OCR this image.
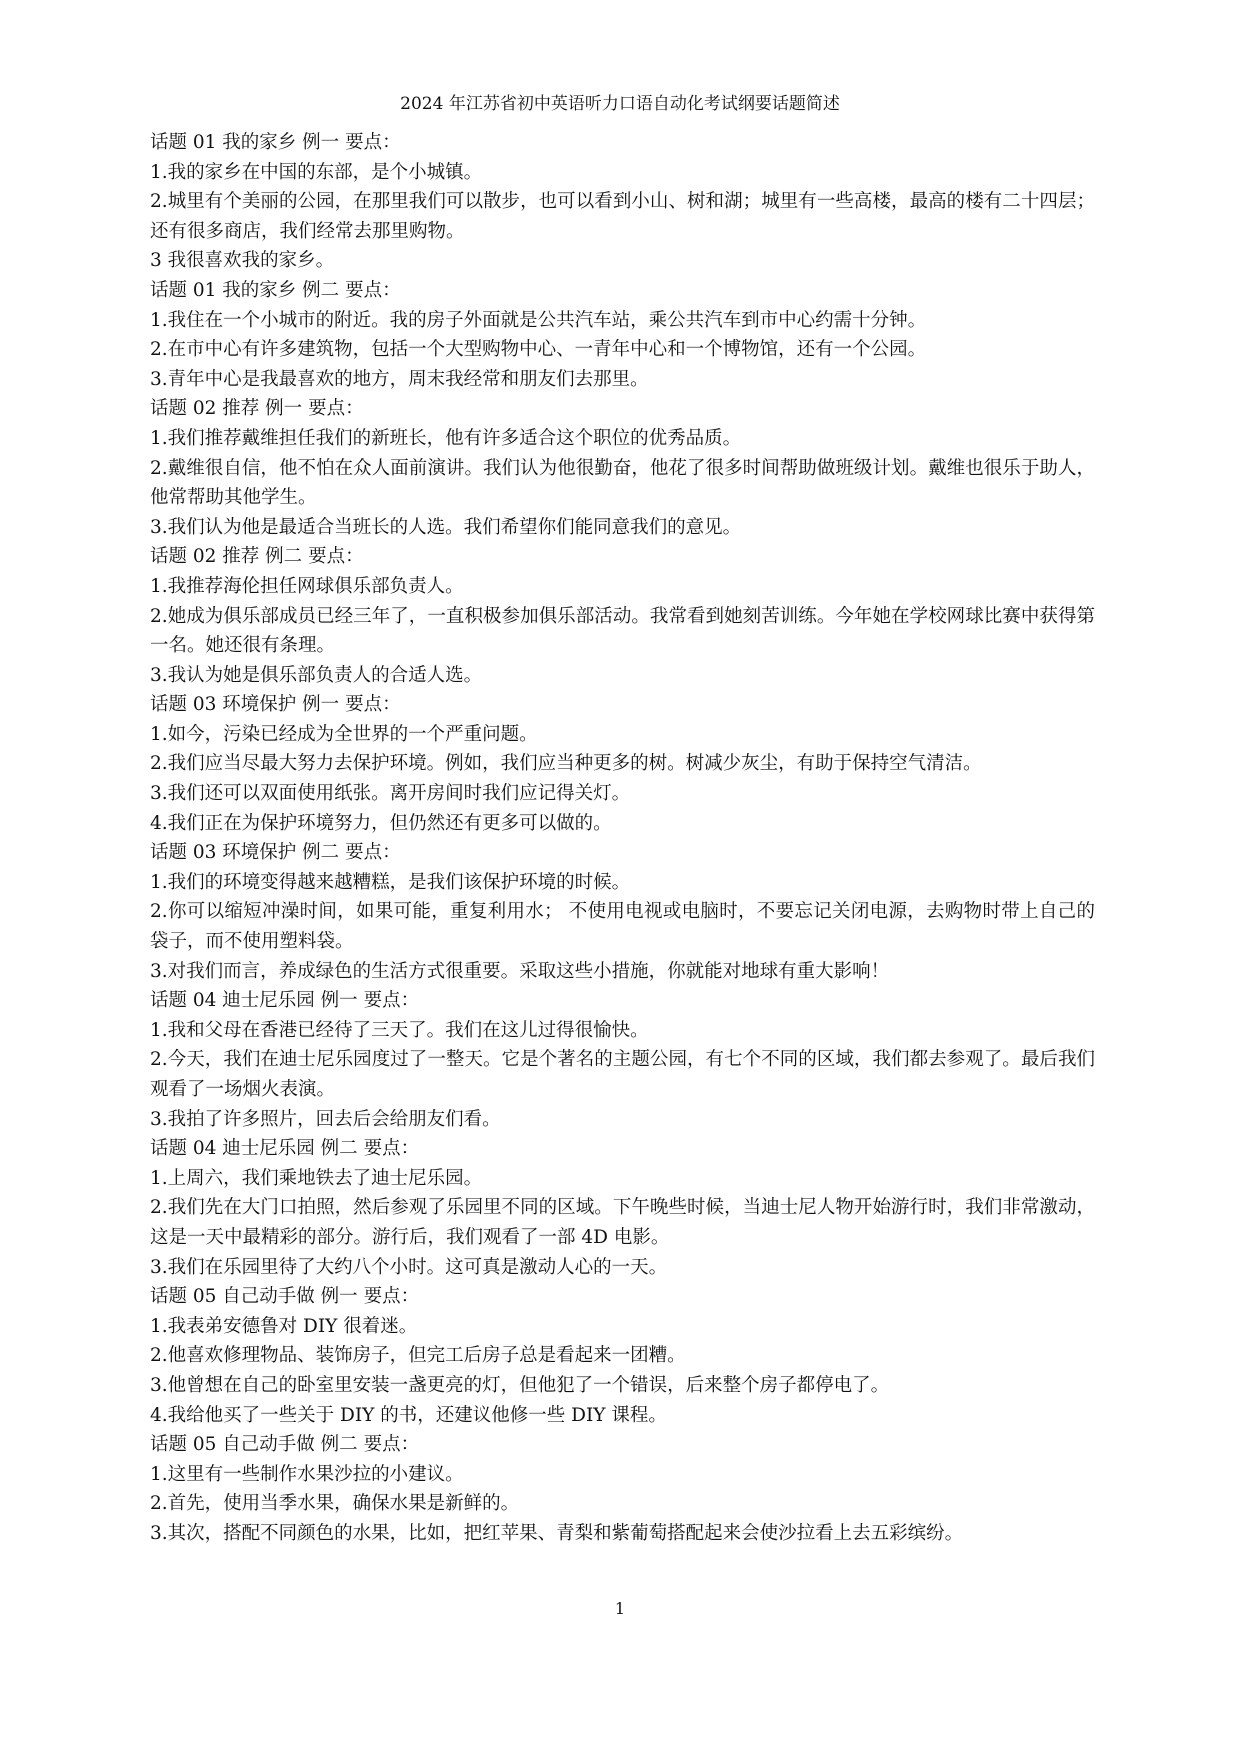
2024 年江苏省初中英语听力口语自动化考试纲要话题简述

话题 01 我的家乡 例一 要点：

1.我的家乡在中国的东部，是个小城镇。

2.城里有个美丽的公园，在那里我们可以散步，也可以看到小山、树和湖；城里有一些高楼，最高的楼有二十四层；还有很多商店，我们经常去那里购物。

3 我很喜欢我的家乡。

话题 01 我的家乡 例二 要点：

1.我住在一个小城市的附近。我的房子外面就是公共汽车站，乘公共汽车到市中心约需十分钟。

2.在市中心有许多建筑物，包括一个大型购物中心、一青年中心和一个博物馆，还有一个公园。

3.青年中心是我最喜欢的地方，周末我经常和朋友们去那里。

话题 02 推荐 例一 要点：

1.我们推荐戴维担任我们的新班长，他有许多适合这个职位的优秀品质。

2.戴维很自信，他不怕在众人面前演讲。我们认为他很勤奋，他花了很多时间帮助做班级计划。戴维也很乐于助人，他常帮助其他学生。

3.我们认为他是最适合当班长的人选。我们希望你们能同意我们的意见。

话题 02 推荐 例二 要点：

1.我推荐海伦担任网球俱乐部负责人。

2.她成为俱乐部成员已经三年了，一直积极参加俱乐部活动。我常看到她刻苦训练。今年她在学校网球比赛中获得第一名。她还很有条理。

3.我认为她是俱乐部负责人的合适人选。

话题 03 环境保护 例一 要点：

1.如今，污染已经成为全世界的一个严重问题。

2.我们应当尽最大努力去保护环境。例如，我们应当种更多的树。树减少灰尘，有助于保持空气清洁。

3.我们还可以双面使用纸张。离开房间时我们应记得关灯。

4.我们正在为保护环境努力，但仍然还有更多可以做的。

话题 03 环境保护 例二 要点：

1.我们的环境变得越来越糟糕，是我们该保护环境的时候。

2.你可以缩短冲澡时间，如果可能，重复利用水； 不使用电视或电脑时，不要忘记关闭电源，去购物时带上自己的袋子，而不使用塑料袋。

3.对我们而言，养成绿色的生活方式很重要。采取这些小措施，你就能对地球有重大影响！

话题 04 迪士尼乐园 例一 要点：

1.我和父母在香港已经待了三天了。我们在这儿过得很愉快。

2.今天，我们在迪士尼乐园度过了一整天。它是个著名的主题公园，有七个不同的区域，我们都去参观了。最后我们观看了一场烟火表演。

3.我拍了许多照片，回去后会给朋友们看。

话题 04 迪士尼乐园 例二 要点：

1.上周六，我们乘地铁去了迪士尼乐园。

2.我们先在大门口拍照，然后参观了乐园里不同的区域。下午晚些时候，当迪士尼人物开始游行时，我们非常激动，这是一天中最精彩的部分。游行后，我们观看了一部 4D 电影。

3.我们在乐园里待了大约八个小时。这可真是激动人心的一天。

话题 05 自己动手做 例一 要点：

1.我表弟安德鲁对 DIY 很着迷。

2.他喜欢修理物品、装饰房子，但完工后房子总是看起来一团糟。

3.他曾想在自己的卧室里安装一盏更亮的灯，但他犯了一个错误，后来整个房子都停电了。

4.我给他买了一些关于 DIY 的书，还建议他修一些 DIY 课程。

话题 05 自己动手做 例二 要点：

1.这里有一些制作水果沙拉的小建议。

2.首先，使用当季水果，确保水果是新鲜的。

3.其次，搭配不同颜色的水果，比如，把红苹果、青梨和紫葡萄搭配起来会使沙拉看上去五彩缤纷。

1
